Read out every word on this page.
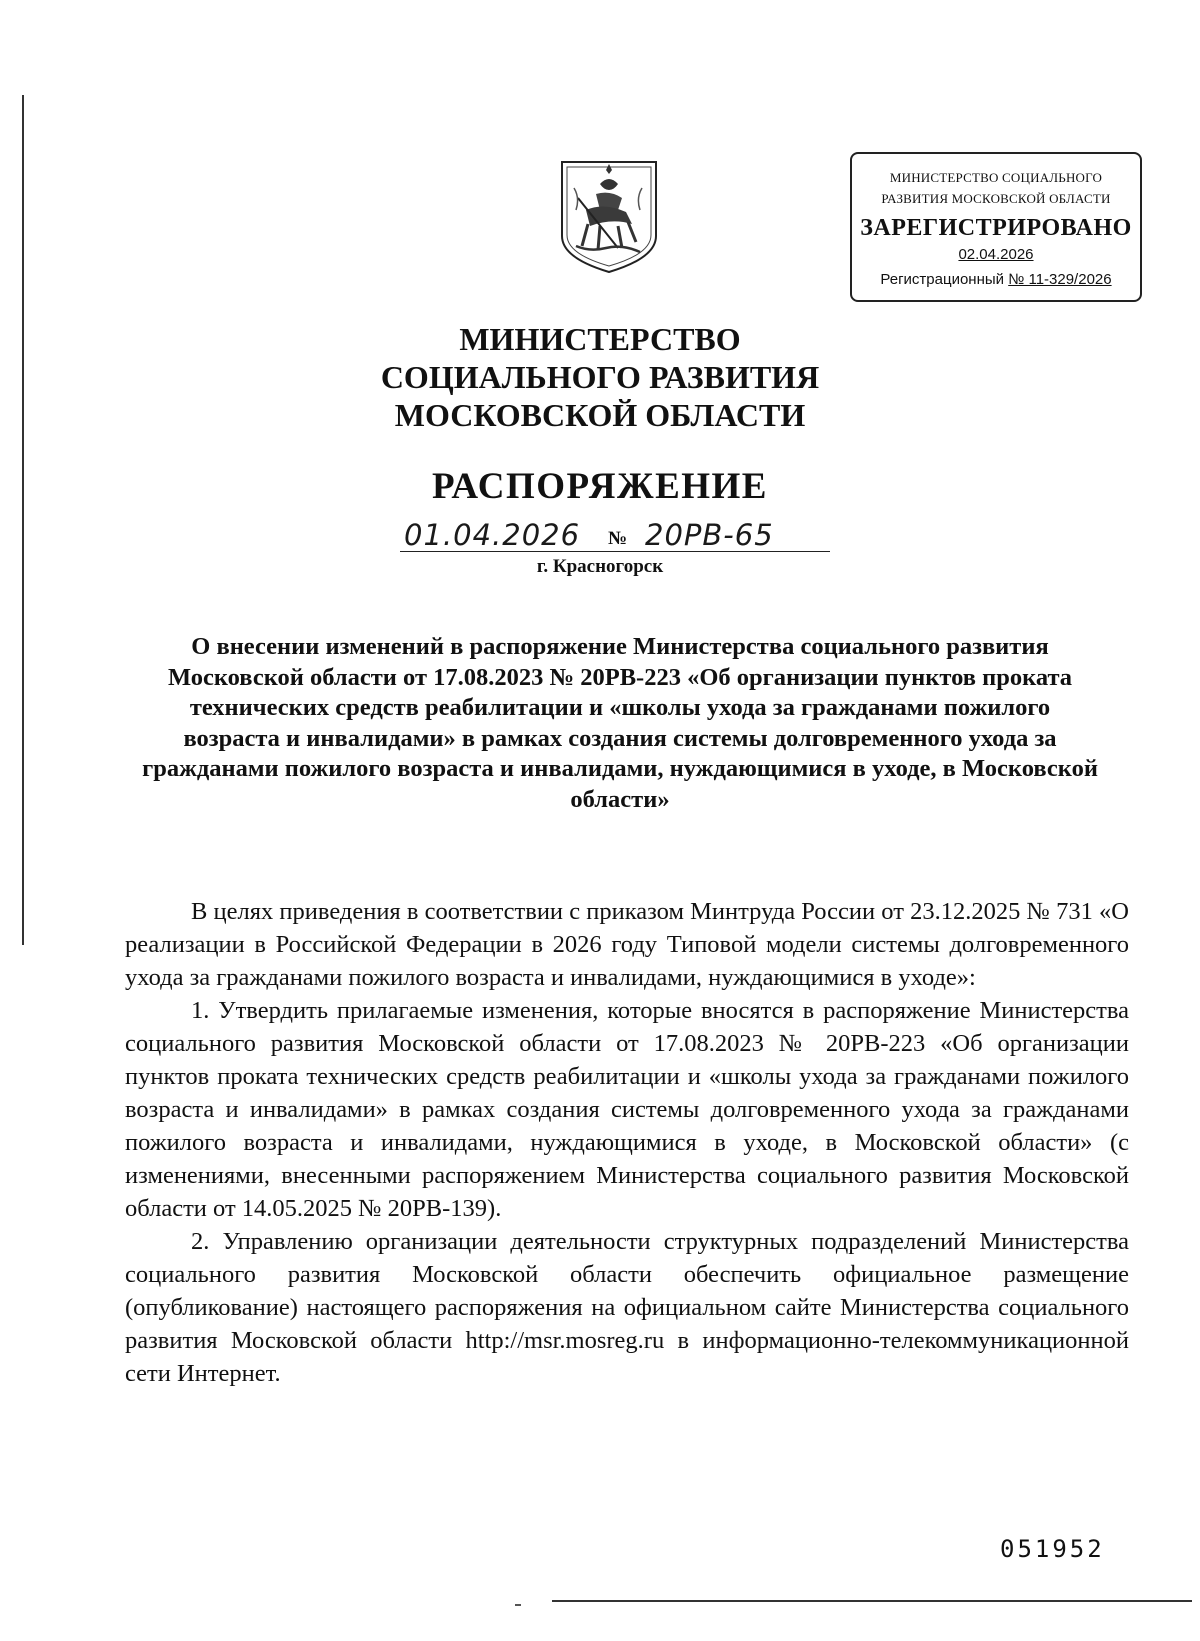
МИНИСТЕРСТВО СОЦИАЛЬНОГО
РАЗВИТИЯ МОСКОВСКОЙ ОБЛАСТИ
ЗАРЕГИСТРИРОВАНО
02.04.2026
Регистрационный № 11-329/2026
МИНИСТЕРСТВО
СОЦИАЛЬНОГО РАЗВИТИЯ
МОСКОВСКОЙ ОБЛАСТИ
РАСПОРЯЖЕНИЕ
01.04.2026 № 20РВ-65
г. Красногорск
О внесении изменений в распоряжение Министерства социального развития Московской области от 17.08.2023 № 20РВ-223 «Об организации пунктов проката технических средств реабилитации и «школы ухода за гражданами пожилого возраста и инвалидами» в рамках создания системы долговременного ухода за гражданами пожилого возраста и инвалидами, нуждающимися в уходе, в Московской области»

В целях приведения в соответствии с приказом Минтруда России от 23.12.2025 № 731 «О реализации в Российской Федерации в 2026 году Типовой модели системы долговременного ухода за гражданами пожилого возраста и инвалидами, нуждающимися в уходе»:

1. Утвердить прилагаемые изменения, которые вносятся в распоряжение Министерства социального развития Московской области от 17.08.2023 № 20РВ-223 «Об организации пунктов проката технических средств реабилитации и «школы ухода за гражданами пожилого возраста и инвалидами» в рамках создания системы долговременного ухода за гражданами пожилого возраста и инвалидами, нуждающимися в уходе, в Московской области» (с изменениями, внесенными распоряжением Министерства социального развития Московской области от 14.05.2025 № 20РВ-139).

2. Управлению организации деятельности структурных подразделений Министерства социального развития Московской области обеспечить официальное размещение (опубликование) настоящего распоряжения на официальном сайте Министерства социального развития Московской области http://msr.mosreg.ru в информационно-телекоммуникационной сети Интернет.

051952
